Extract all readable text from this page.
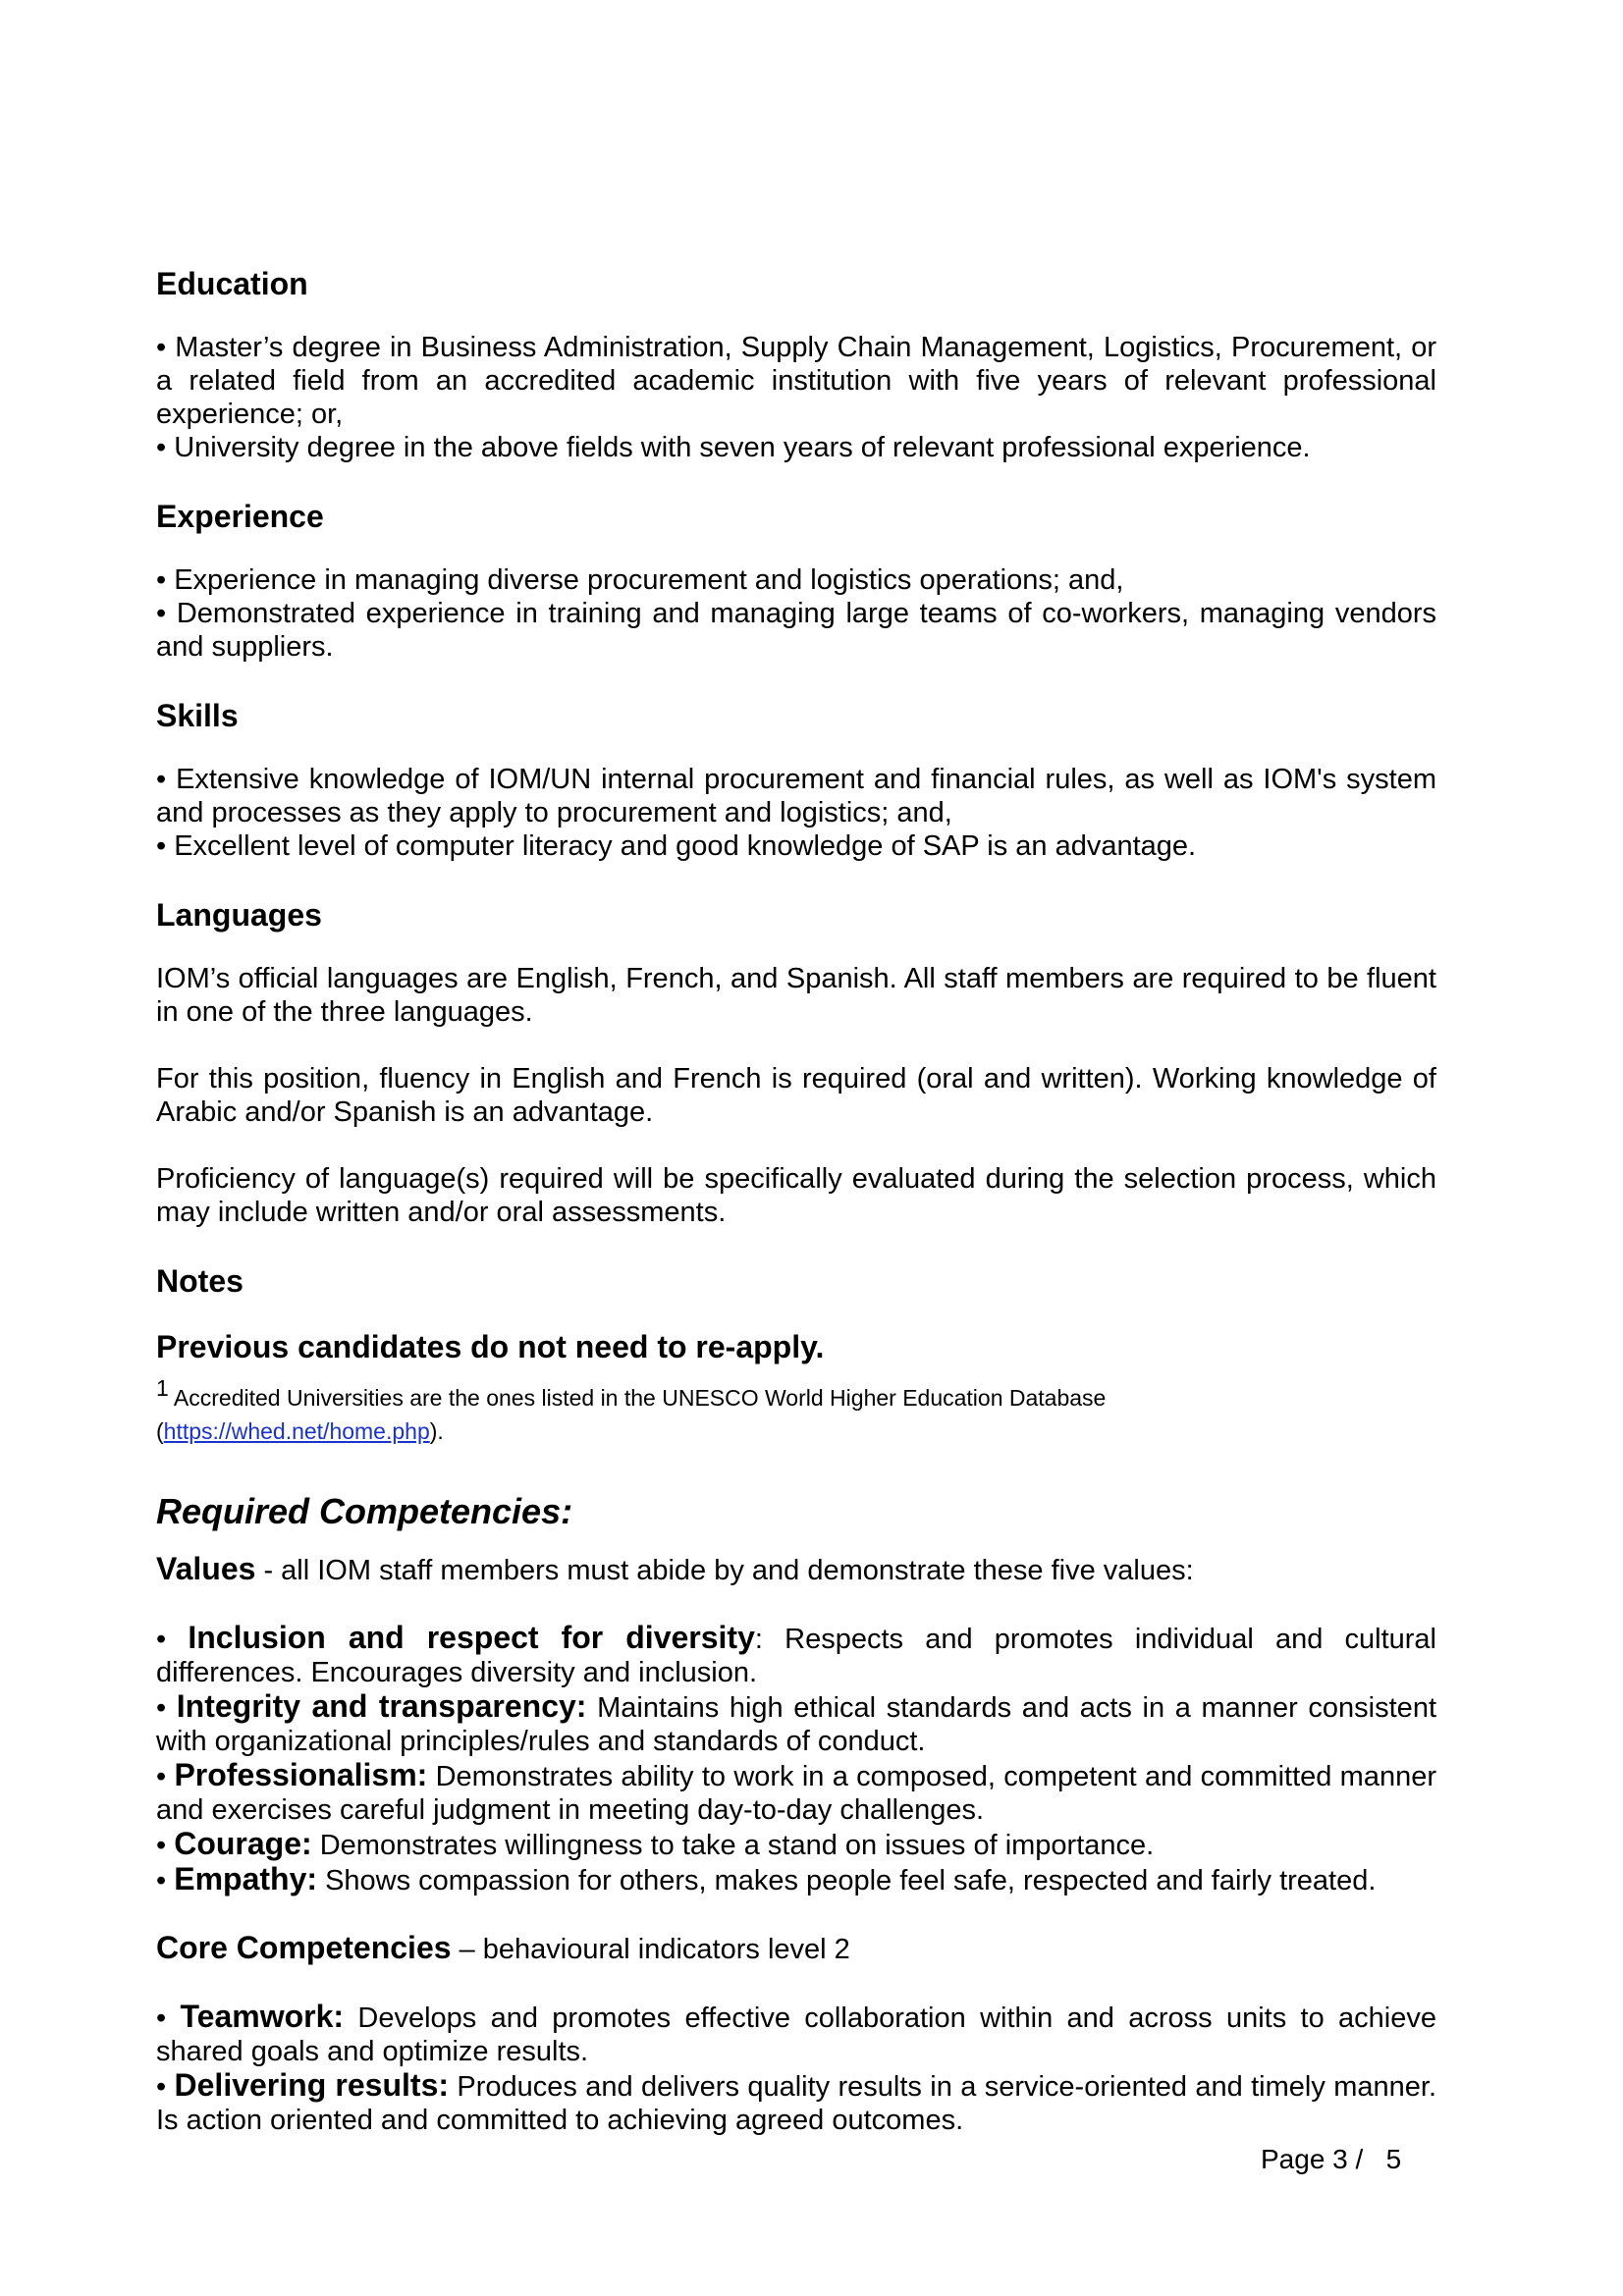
Education

• Master’s degree in Business Administration, Supply Chain Management, Logistics, Procurement, or a related field from an accredited academic institution with five years of relevant professional experience; or,

• University degree in the above fields with seven years of relevant professional experience.

Experience

• Experience in managing diverse procurement and logistics operations; and,

• Demonstrated experience in training and managing large teams of co-workers, managing vendors and suppliers.

Skills

• Extensive knowledge of IOM/UN internal procurement and financial rules, as well as IOM's system and processes as they apply to procurement and logistics; and,

• Excellent level of computer literacy and good knowledge of SAP is an advantage.

Languages

IOM’s official languages are English, French, and Spanish. All staff members are required to be fluent in one of the three languages.

For this position, fluency in English and French is required (oral and written). Working knowledge of Arabic and/or Spanish is an advantage.

Proficiency of language(s) required will be specifically evaluated during the selection process, which may include written and/or oral assessments.

Notes
Previous candidates do not need to re-apply.

$^1$ Accredited Universities are the ones listed in the UNESCO World Higher Education Database

(https://whed.net/home.php).

Required Competencies:

Values - all IOM staff members must abide by and demonstrate these five values:

• Inclusion and respect for diversity: Respects and promotes individual and cultural differences. Encourages diversity and inclusion.

• Integrity and transparency: Maintains high ethical standards and acts in a manner consistent with organizational principles/rules and standards of conduct.

• Professionalism: Demonstrates ability to work in a composed, competent and committed manner and exercises careful judgment in meeting day-to-day challenges.

• Courage: Demonstrates willingness to take a stand on issues of importance.

• Empathy: Shows compassion for others, makes people feel safe, respected and fairly treated.

Core Competencies – behavioural indicators level 2

• Teamwork: Develops and promotes effective collaboration within and across units to achieve shared goals and optimize results.

• Delivering results: Produces and delivers quality results in a service-oriented and timely manner. Is action oriented and committed to achieving agreed outcomes.

Page 3 /   5
